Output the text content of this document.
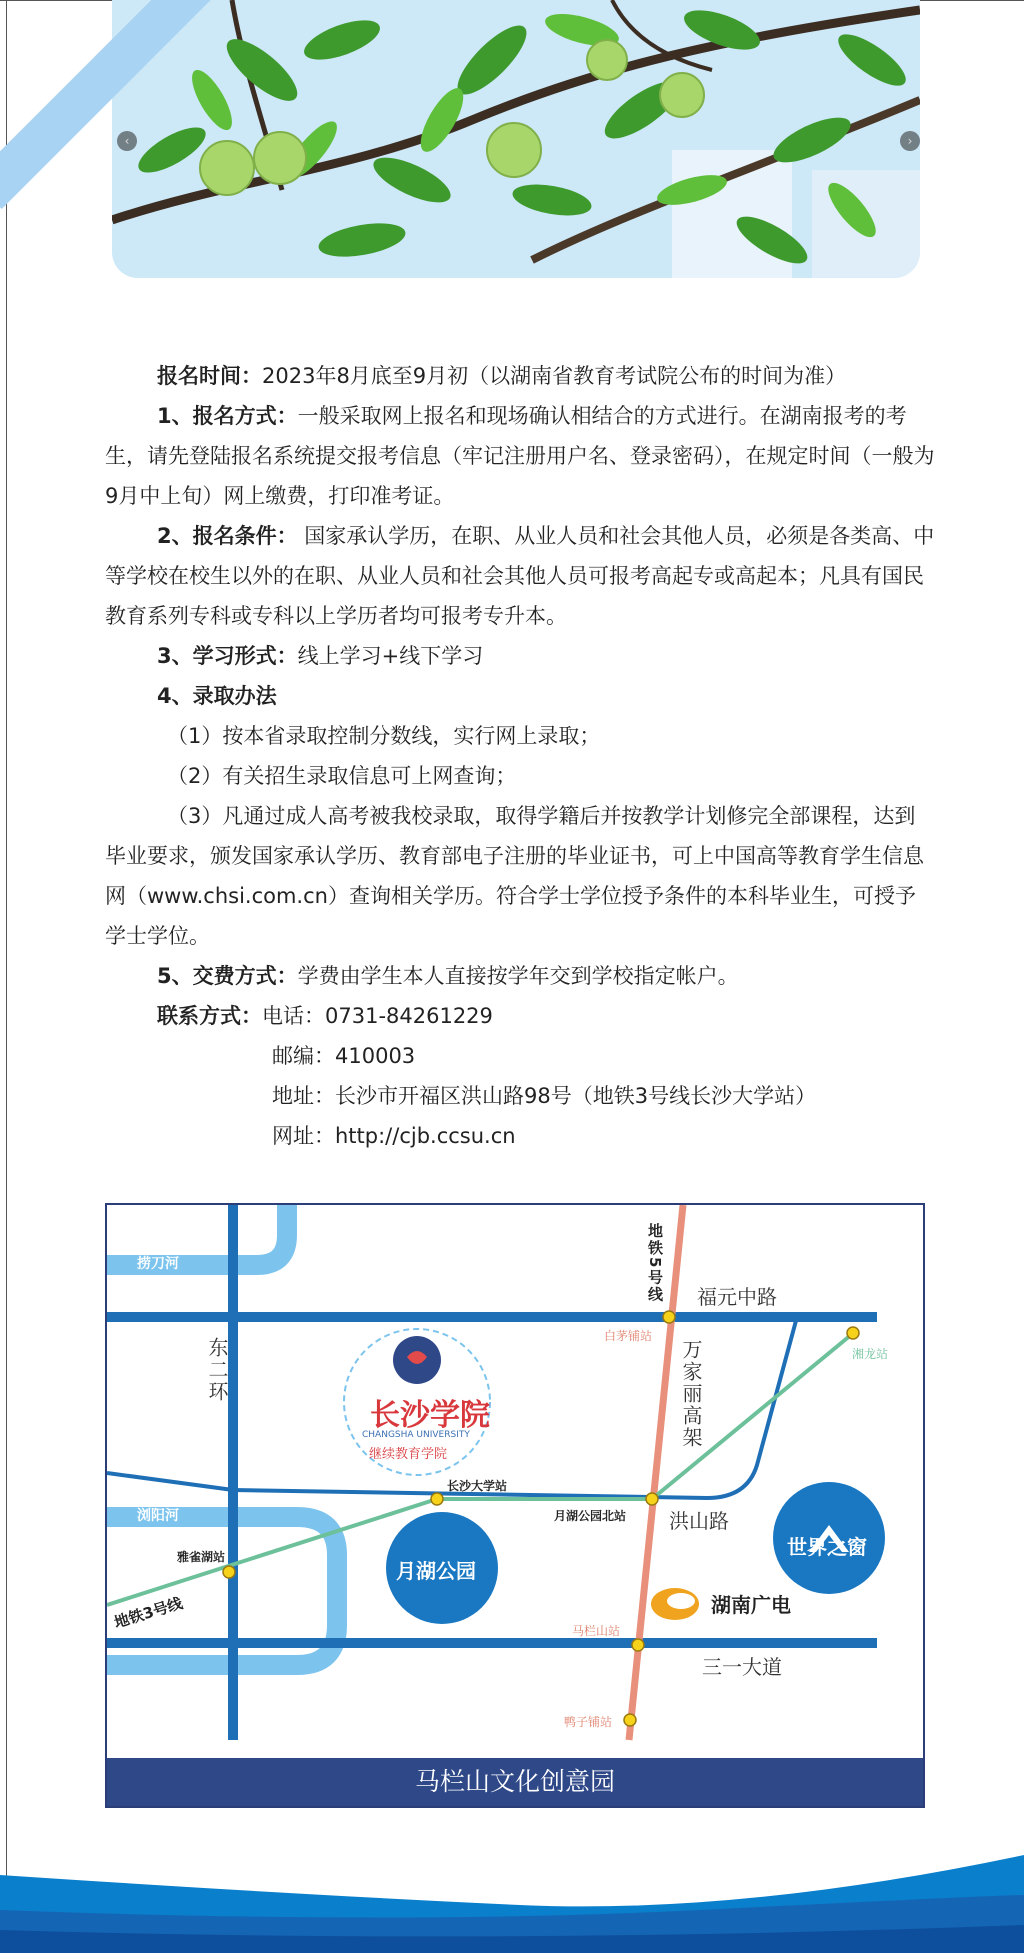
‹	›

报名时间：2023年8月底至9月初（以湖南省教育考试院公布的时间为准）

1、报名方式：一般采取网上报名和现场确认相结合的方式进行。在湖南报考的考生，请先登陆报名系统提交报考信息（牢记注册用户名、登录密码），在规定时间（一般为9月中上旬）网上缴费，打印准考证。

2、报名条件： 国家承认学历，在职、从业人员和社会其他人员，必须是各类高、中等学校在校生以外的在职、从业人员和社会其他人员可报考高起专或高起本；凡具有国民教育系列专科或专科以上学历者均可报考专升本。

3、学习形式：线上学习+线下学习

4、录取办法

（1）按本省录取控制分数线，实行网上录取；

（2）有关招生录取信息可上网查询；

（3）凡通过成人高考被我校录取，取得学籍后并按教学计划修完全部课程，达到毕业要求，颁发国家承认学历、教育部电子注册的毕业证书，可上中国高等教育学生信息网（www.chsi.com.cn）查询相关学历。符合学士学位授予条件的本科毕业生，可授予学士学位。

5、交费方式：学费由学生本人直接按学年交到学校指定帐户。

联系方式：电话：0731-84261229

邮编：410003

地址：长沙市开福区洪山路98号（地铁3号线长沙大学站）

网址：http://cjb.ccsu.cn

捞刀河
浏阳河
东二环
地铁5号线
地铁3号线
福元中路
万家丽高架
洪山路
三一大道
白茅铺站
湘龙站
长沙大学站
月湖公园北站
雅雀湖站
马栏山站
鸭子铺站
长沙学院
CHANGSHA UNIVERSITY
继续教育学院
月湖公园
世界之窗
湖南广电
马栏山文化创意园
